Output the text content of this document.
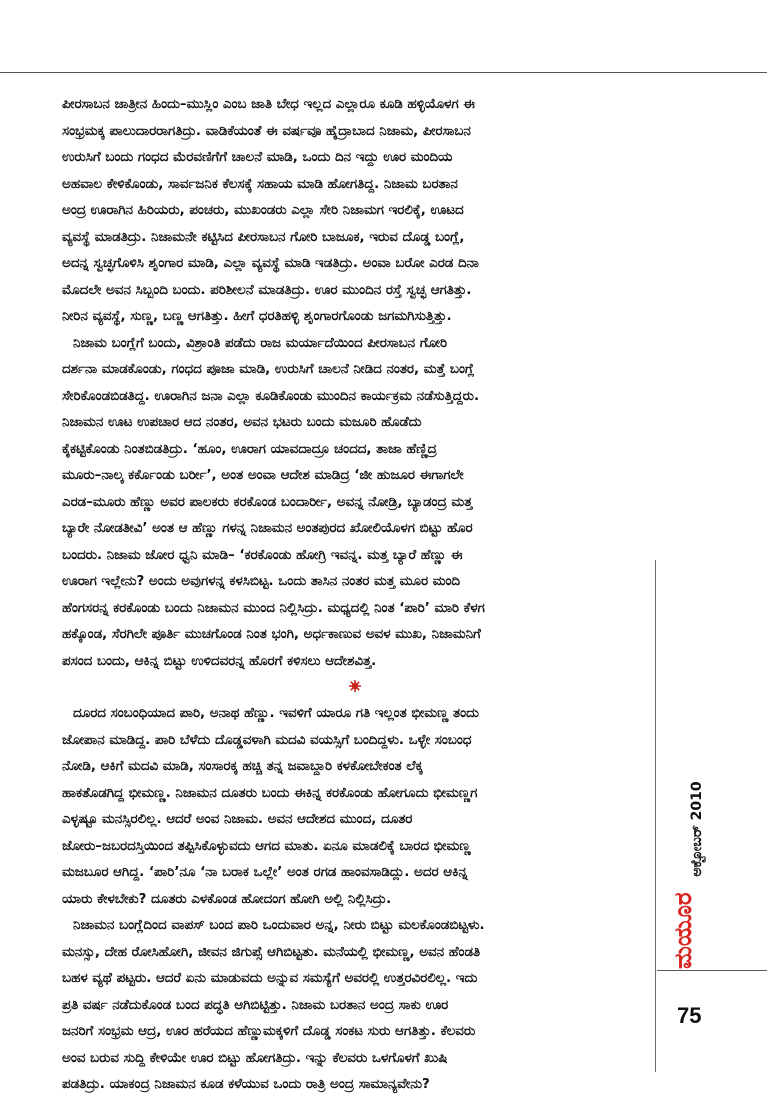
ಪೀರಸಾಬನ ಜಾತ್ರೀನ ಹಿಂದು–ಮುಸ್ಲಿಂ ಎಂಬ ಜಾತಿ ಬೇಧ ಇಲ್ಲದ ಎಲ್ಲಾರೂ ಕೂಡಿ ಹಳ್ಳಿಯೊಳಗ ಈ

ಸಂಭ್ರಮಕ್ಕ ಪಾಲುದಾರರಾಗತಿದ್ರು. ವಾಡಿಕೆಯಂತೆ ಈ ವರ್ಷವೂ ಹೈದ್ರಾಬಾದ ನಿಜಾಮ, ಪೀರಸಾಬನ

ಉರುಸಿಗೆ ಬಂದು ಗಂಧದ ಮೆರವಣಿಗೆಗೆ ಚಾಲನೆ ಮಾಡಿ, ಒಂದು ದಿನ ಇದ್ದು ಊರ ಮಂದಿಯ

ಅಹವಾಲ ಕೇಳಿಕೊಂಡು, ಸಾರ್ವಜನಿಕ ಕೆಲಸಕ್ಕೆ ಸಹಾಯ ಮಾಡಿ ಹೋಗತಿದ್ದ. ನಿಜಾಮ ಬರತಾನ

ಅಂದ್ರ ಊರಾಗಿನ ಹಿರಿಯರು, ಪಂಚರು, ಮುಖಂಡರು ಎಲ್ಲಾ ಸೇರಿ ನಿಜಾಮಗ ಇರಲಿಕ್ಕೆ, ಊಟದ

ವ್ಯವಸ್ಥೆ ಮಾಡತಿದ್ರು. ನಿಜಾಮನೇ ಕಟ್ಟಿಸಿದ ಪೀರಸಾಬನ ಗೋರಿ ಬಾಜೂಕ, ಇರುವ ದೊಡ್ಡ ಬಂಗ್ಲೆ,

ಅದನ್ನ ಸ್ವಚ್ಛಗೊಳಿಸಿ ಶೃಂಗಾರ ಮಾಡಿ, ಎಲ್ಲಾ ವ್ಯವಸ್ಥೆ ಮಾಡಿ ಇಡತಿದ್ರು. ಅಂವಾ ಬರೋ ಎರಡ ದಿನಾ

ಮೊದಲೇ ಅವನ ಸಿಬ್ಬಂದಿ ಬಂದು. ಪರಿಶೀಲನೆ ಮಾಡತಿದ್ರು. ಊರ ಮುಂದಿನ ರಸ್ತೆ ಸ್ವಚ್ಛ ಆಗತಿತ್ತು.

ನೀರಿನ ವ್ಯವಸ್ಥೆ, ಸುಣ್ಣ, ಬಣ್ಣ ಆಗತಿತ್ತು. ಹೀಗೆ ಧರತಿಹಳ್ಳಿ ಶೃಂಗಾರಗೊಂಡು ಜಗಮಗಿಸುತ್ತಿತ್ತು.

ನಿಜಾಮ ಬಂಗ್ಲೆಗೆ ಬಂದು, ವಿಶ್ರಾಂತಿ ಪಡೆದು ರಾಜ ಮರ್ಯಾದೆಯಿಂದ ಪೀರಸಾಬನ ಗೋರಿ

ದರ್ಶನಾ ಮಾಡಕೊಂಡು, ಗಂಧದ ಪೂಜಾ ಮಾಡಿ, ಉರುಸಿಗೆ ಚಾಲನೆ ನೀಡಿದ ನಂತರ, ಮತ್ತೆ ಬಂಗ್ಲೆ

ಸೇರಿಕೊಂಡಬಿಡತಿದ್ದ. ಊರಾಗಿನ ಜನಾ ಎಲ್ಲಾ ಕೂಡಿಕೊಂಡು ಮುಂದಿನ ಕಾರ್ಯಕ್ರಮ ನಡೆಸುತ್ತಿದ್ದರು.

ನಿಜಾಮನ ಊಟ ಉಪಚಾರ ಆದ ನಂತರ, ಅವನ ಭಟರು ಬಂದು ಮಜೂರಿ ಹೊಡೆದು

ಕೈಕಟ್ಟಿಕೊಂಡು ನಿಂತಬಿಡತಿದ್ರು. ‘ಹೂಂ, ಊರಾಗ ಯಾವದಾದ್ರೂ ಚಂದದ, ತಾಜಾ ಹೆಣ್ಣಿದ್ರ

ಮೂರು–ನಾಲ್ಕ ಕರ್ಕೊಂಡು ಬರ್ರೀ’, ಅಂತ ಅಂವಾ ಆದೇಶ ಮಾಡಿದ್ರ ‘ಜೀ ಹುಜೂರ ಈಗಾಗಲೇ

ಎರಡ–ಮೂರು ಹೆಣ್ಣು ಅವರ ಪಾಲಕರು ಕರಕೊಂಡ ಬಂದಾರ್ರೀ, ಅವನ್ನ ನೋಡ್ರಿ, ಬ್ಯಾಡಂದ್ರ ಮತ್ತ

ಬ್ಯಾರೇ ನೋಡತೀವಿ’ ಅಂತ ಆ ಹೆಣ್ಣು ಗಳನ್ನ ನಿಜಾಮನ ಅಂತಪುರದ ಖೋಲಿಯೊಳಗ ಬಿಟ್ಟು ಹೊರ

ಬಂದರು. ನಿಜಾಮ ಜೋರ ಧ್ವನಿ ಮಾಡಿ– ‘ಕರಕೊಂಡು ಹೋಗ್ರಿ ಇವನ್ನ. ಮತ್ತ ಬ್ಯಾರೆ ಹೆಣ್ಣು ಈ

ಊರಾಗ ಇಲ್ಲೇನು? ಅಂದು ಅವುಗಳನ್ನ ಕಳಸಿಬಿಟ್ಟ. ಒಂದು ತಾಸಿನ ನಂತರ ಮತ್ತ ಮೂರ ಮಂದಿ

ಹೆಂಗಸರನ್ನ ಕರಕೊಂಡು ಬಂದು ನಿಜಾಮನ ಮುಂದ ನಿಲ್ಲಿಸಿದ್ರು. ಮಧ್ಯದಲ್ಲಿ ನಿಂತ ‘ಪಾರಿ’ ಮಾರಿ ಕೆಳಗ

ಹಕ್ಕೊಂಡ, ಸೆರಗಿಲೇ ಪೂರ್ತಿ ಮುಚಗೊಂಡ ನಿಂತ ಭಂಗಿ, ಅರ್ಧಕಾಣುವ ಅವಳ ಮುಖ, ನಿಜಾಮನಿಗೆ

ಪಸಂದ ಬಂದು, ಆಕಿನ್ನ ಬಿಟ್ಟು ಉಳಿದವರನ್ನ ಹೊರಗೆ ಕಳಿಸಲು ಆದೇಶವಿತ್ತ.

ದೂರದ ಸಂಬಂಧಿಯಾದ ಪಾರಿ, ಅನಾಥ ಹೆಣ್ಣು. ಇವಳಿಗೆ ಯಾರೂ ಗತಿ ಇಲ್ಲಂತ ಭೀಮಣ್ಣ ತಂದು

ಜೋಪಾನ ಮಾಡಿದ್ದ. ಪಾರಿ ಬೆಳೆದು ದೊಡ್ಡವಳಾಗಿ ಮದವಿ ವಯಸ್ಸಿಗೆ ಬಂದಿದ್ದಳು. ಒಳ್ಳೇ ಸಂಬಂಧ

ನೋಡಿ, ಆಕಿಗೆ ಮದವಿ ಮಾಡಿ, ಸಂಸಾರಕ್ಕ ಹಚ್ಚಿ ತನ್ನ ಜವಾಬ್ದಾರಿ ಕಳಕೋಬೇಕಂತ ಲೆಕ್ಕ

ಹಾಕತೊಡಗಿದ್ದ ಭೀಮಣ್ಣ. ನಿಜಾಮನ ದೂತರು ಬಂದು ಈಕಿನ್ನ ಕರಕೊಂಡು ಹೋಗೂದು ಭೀಮಣ್ಣಗ

ಎಳ್ಳಷ್ಟೂ ಮನಸ್ಸಿರಲಿಲ್ಲ. ಆದರೆ ಅಂವ ನಿಜಾಮ. ಅವನ ಆದೇಶದ ಮುಂದ, ದೂತರ

ಜೋರು–ಜಬರದಸ್ತಿಯಿಂದ ತಪ್ಪಿಸಿಕೊಳ್ಳುವದು ಆಗದ ಮಾತು. ಏನೂ ಮಾಡಲಿಕ್ಕೆ ಬಾರದ ಭೀಮಣ್ಣ

ಮಜಬೂರ ಆಗಿದ್ದ. ‘ಪಾರಿ’ನೂ ‘ನಾ ಬರಾಕ ಒಲ್ಲೇ’ ಅಂತ ರಗಡ ಹಾಂವಸಾಡಿದ್ಲು. ಅದರ ಆಕಿನ್ನ

ಯಾರು ಕೇಳಬೇಕು? ದೂತರು ಎಳಕೊಂಡ ಹೋದಂಗ ಹೋಗಿ ಅಲ್ಲಿ ನಿಲ್ಲಿಸಿದ್ರು.

ನಿಜಾಮನ ಬಂಗ್ಲೆದಿಂದ ವಾಪಸ್ ಬಂದ ಪಾರಿ ಒಂದುವಾರ ಅನ್ನ, ನೀರು ಬಿಟ್ಟು ಮಲಕೊಂಡಬಿಟ್ಟಳು.

ಮನಸ್ಸು, ದೇಹ ರೋಸಿಹೋಗಿ, ಜೀವನ ಜಿಗುಪ್ಸೆ ಆಗಿಬಿಟ್ಟತು. ಮನೆಯಲ್ಲಿ ಭೀಮಣ್ಣ, ಅವನ ಹೆಂಡತಿ

ಬಹಳ ವ್ಯಥೆ ಪಟ್ಟರು. ಆದರೆ ಏನು ಮಾಡುವದು ಅನ್ನುವ ಸಮಸ್ಯೆಗೆ ಅವರಲ್ಲಿ ಉತ್ತರವಿರಲಿಲ್ಲ. ಇದು

ಪ್ರತಿ ವರ್ಷ ನಡೆದುಕೊಂಡ ಬಂದ ಪದ್ಧತಿ ಆಗಿಬಿಟ್ಟಿತ್ತು. ನಿಜಾಮ ಬರತಾನ ಅಂದ್ರ ಸಾಕು ಊರ

ಜನರಿಗೆ ಸಂಭ್ರಮ ಆದ್ರ, ಊರ ಹರೆಯದ ಹೆಣ್ಣುಮಕ್ಕಳಿಗೆ ದೊಡ್ಡ ಸಂಕಟ ಸುರು ಆಗತಿತ್ತು. ಕೆಲವರು

ಅಂವ ಬರುವ ಸುದ್ದಿ ಕೇಳಿಯೇ ಊರ ಬಿಟ್ಟು ಹೋಗತಿದ್ರು. ಇನ್ನು ಕೆಲವರು ಒಳಗೊಳಗೆ ಖುಷಿ

ಪಡತಿದ್ರು. ಯಾಕಂದ್ರ ನಿಜಾಮನ ಕೂಡ ಕಳೆಯುವ ಒಂದು ರಾತ್ರಿ ಅಂದ್ರ ಸಾಮಾನ್ಯವೇನು?

ಅಕ್ಟೋಬರ್ 2010
ಮಯೂರ
75
